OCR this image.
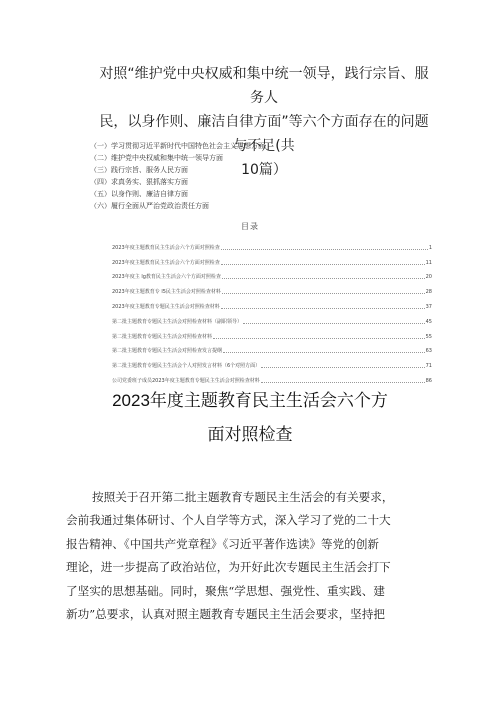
对照“维护党中央权威和集中统一领导，践行宗旨、服务人
民，以身作则、廉洁自律方面”等六个方面存在的问题与不足(共
10篇）
（一）学习贯彻习近平新时代中国特色社会主义思想方面
（二）维护党中央权威和集中统一领导方面
（三）践行宗旨、服务人民方面
（四）求真务实、狠抓落实方面
（五）以身作则、廉洁自律方面
（六）履行全面从严治党政治责任方面
目录
2023年度主题教育民主生活会六个方面对照检查	1
2023年度主题教育民主生活会六个方面对照检查	11
2023年度主 lg教育民主生活会六个方面对照检查	20
2023年度主题教育专 l5民主生活会对照检查材料	28
2023年度主题教育专题民主生活会对照检查材料	37
第二批主题教育专题民主生活会对照检查材料（副职领导）	45
第二批主题教育专题民主生活会对照检查材料	55
第二批主题教育专题民主生活会对照检查发言提纲	63
第二批主题教育专题民主生活会个人对照发言材料（6个对照方面）	71
公司党委班子成员2023年度主题教育专题民主生活会对照检查材料	86
2023年度主题教育民主生活会六个方
面对照检查
按照关于召开第二批主题教育专题民主生活会的有关要求，
会前我通过集体研讨、个人自学等方式，深入学习了党的二十大
报告精神、《中国共产党章程》《习近平著作选读》等党的创新
理论，进一步提高了政治站位，为开好此次专题民主生活会打下
了坚实的思想基础。同时，聚焦“学思想、强党性、重实践、建
新功”总要求，认真对照主题教育专题民主生活会要求，坚持把
